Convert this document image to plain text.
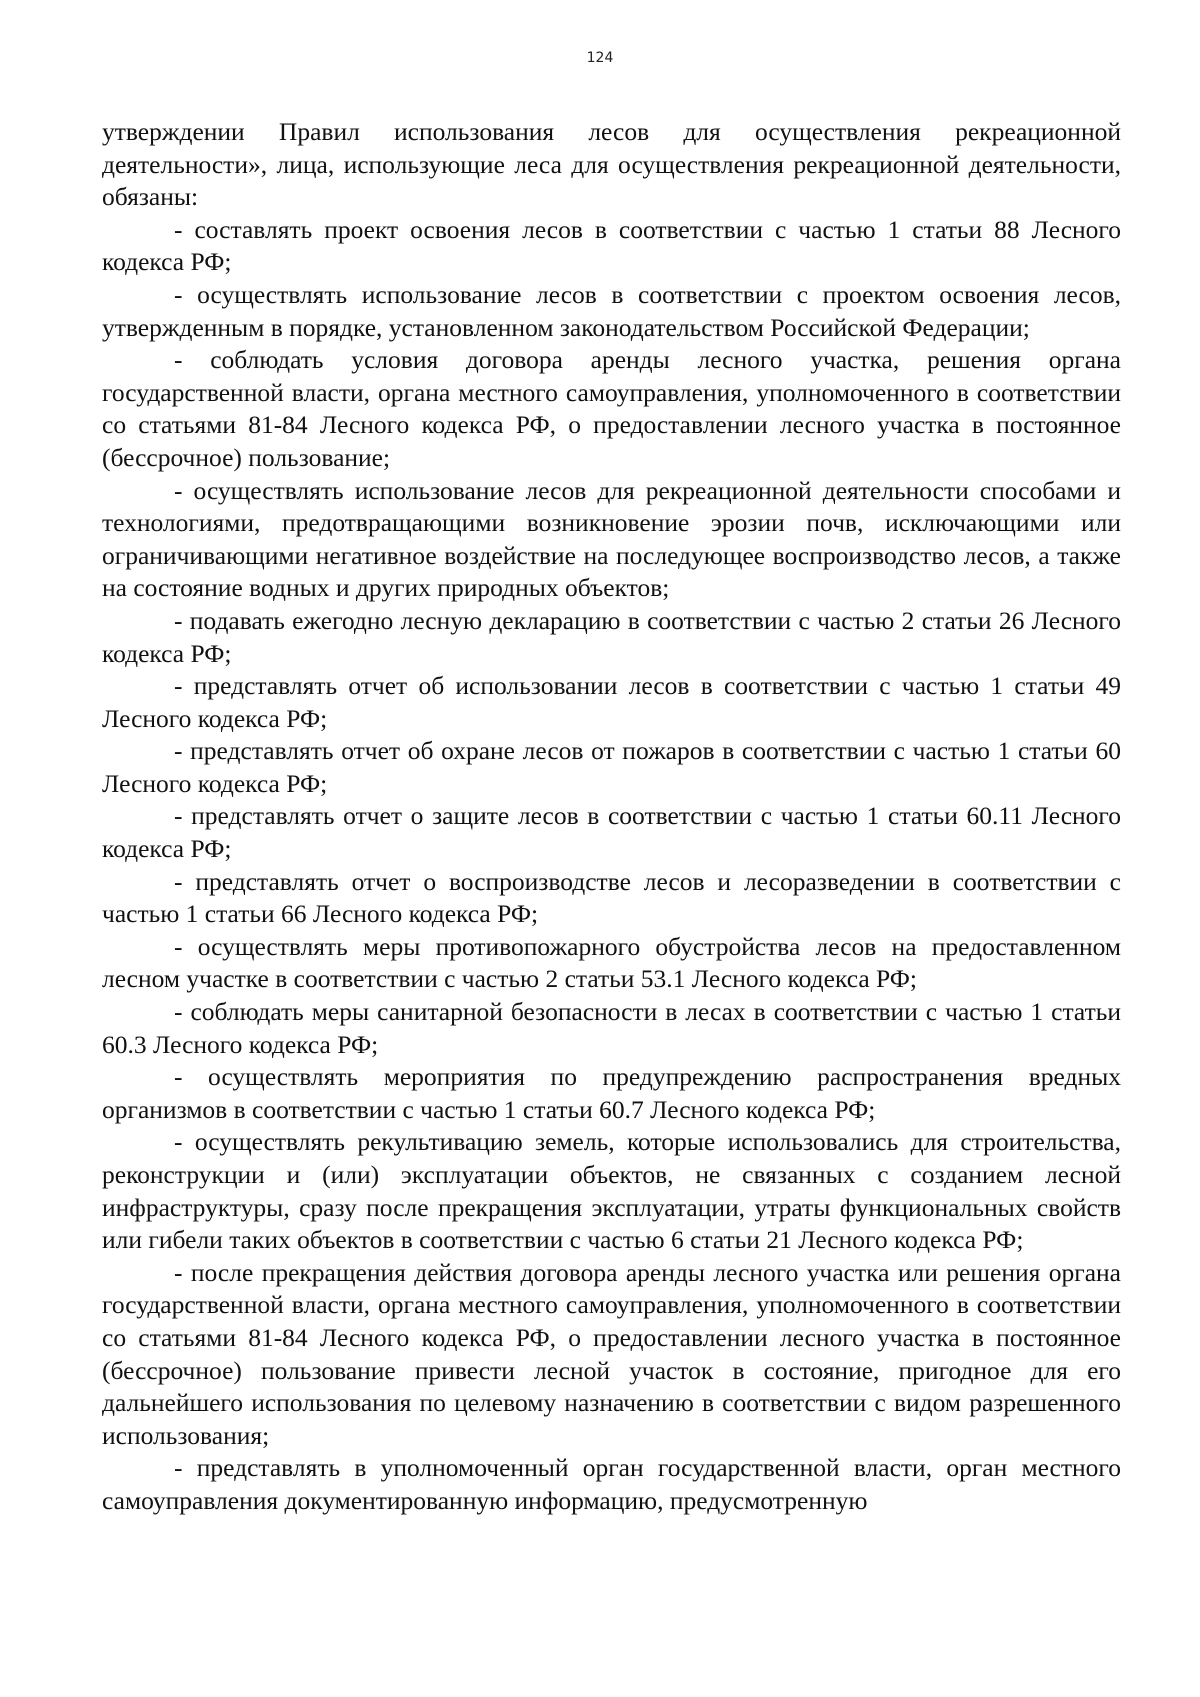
124

утверждении Правил использования лесов для осуществления рекреационной деятельности», лица, использующие леса для осуществления рекреационной деятельности, обязаны:

- составлять проект освоения лесов в соответствии с частью 1 статьи 88 Лесного кодекса РФ;

- осуществлять использование лесов в соответствии с проектом освоения лесов, утвержденным в порядке, установленном законодательством Российской Федерации;

- соблюдать условия договора аренды лесного участка, решения органа государственной власти, органа местного самоуправления, уполномоченного в соответствии со статьями 81-84 Лесного кодекса РФ, о предоставлении лесного участка в постоянное (бессрочное) пользование;

- осуществлять использование лесов для рекреационной деятельности способами и технологиями, предотвращающими возникновение эрозии почв, исключающими или ограничивающими негативное воздействие на последующее воспроизводство лесов, а также на состояние водных и других природных объектов;

- подавать ежегодно лесную декларацию в соответствии с частью 2 статьи 26 Лесного кодекса РФ;

- представлять отчет об использовании лесов в соответствии с частью 1 статьи 49 Лесного кодекса РФ;

- представлять отчет об охране лесов от пожаров в соответствии с частью 1 статьи 60 Лесного кодекса РФ;

- представлять отчет о защите лесов в соответствии с частью 1 статьи 60.11 Лесного кодекса РФ;

- представлять отчет о воспроизводстве лесов и лесоразведении в соответствии с частью 1 статьи 66 Лесного кодекса РФ;

- осуществлять меры противопожарного обустройства лесов на предоставленном лесном участке в соответствии с частью 2 статьи 53.1 Лесного кодекса РФ;

- соблюдать меры санитарной безопасности в лесах в соответствии с частью 1 статьи 60.3 Лесного кодекса РФ;

- осуществлять мероприятия по предупреждению распространения вредных организмов в соответствии с частью 1 статьи 60.7 Лесного кодекса РФ;

- осуществлять рекультивацию земель, которые использовались для строительства, реконструкции и (или) эксплуатации объектов, не связанных с созданием лесной инфраструктуры, сразу после прекращения эксплуатации, утраты функциональных свойств или гибели таких объектов в соответствии с частью 6 статьи 21 Лесного кодекса РФ;

- после прекращения действия договора аренды лесного участка или решения органа государственной власти, органа местного самоуправления, уполномоченного в соответствии со статьями 81-84 Лесного кодекса РФ, о предоставлении лесного участка в постоянное (бессрочное) пользование привести лесной участок в состояние, пригодное для его дальнейшего использования по целевому назначению в соответствии с видом разрешенного использования;

- представлять в уполномоченный орган государственной власти, орган местного самоуправления документированную информацию, предусмотренную
